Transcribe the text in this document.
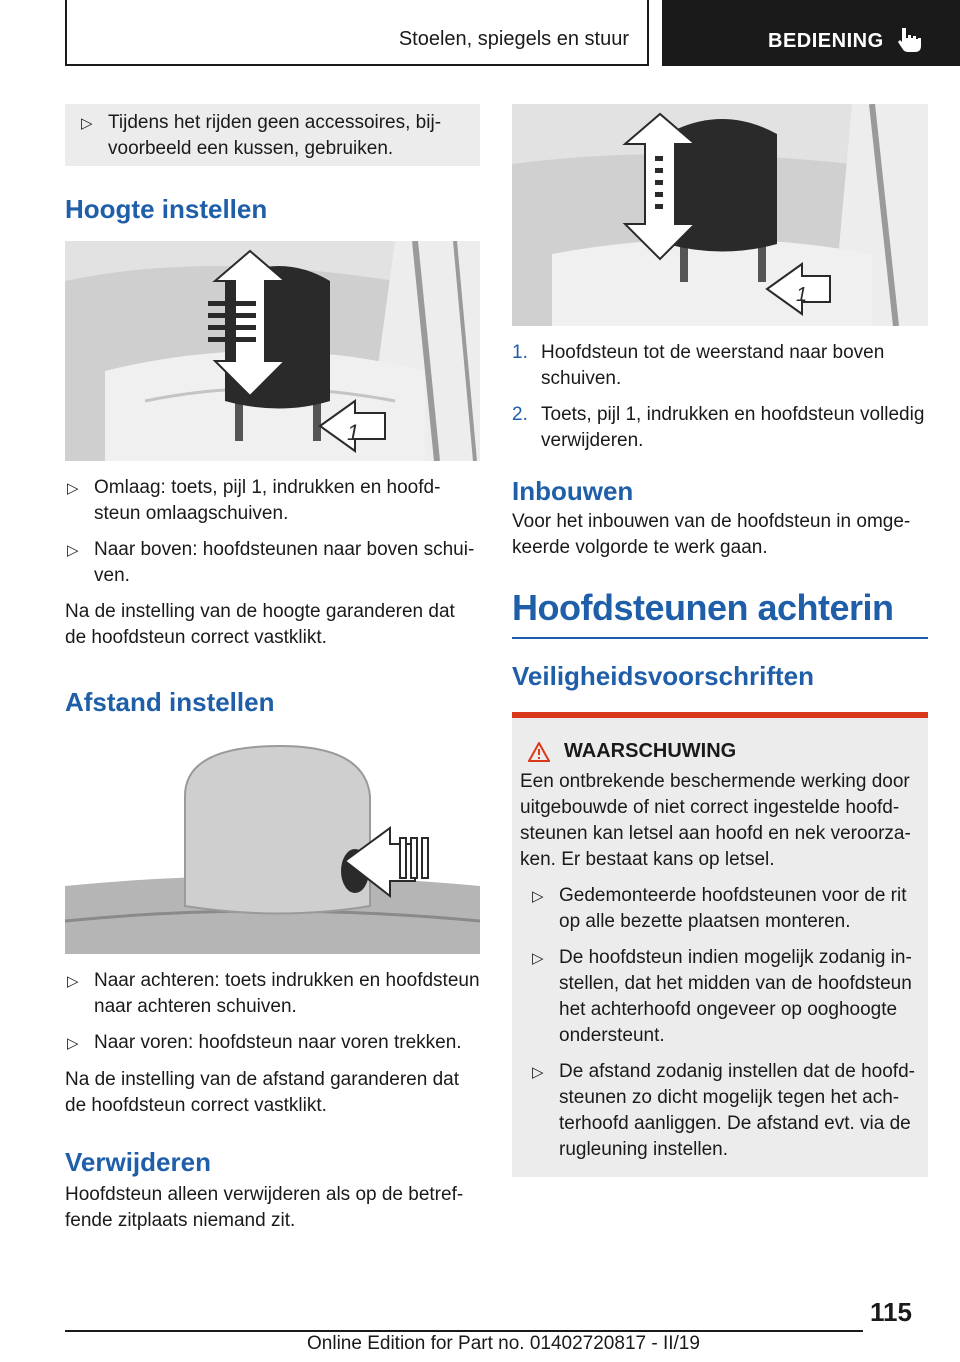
Stoelen, spiegels en stuur	BEDIENING
▷ Tijdens het rijden geen accessoires, bijvoorbeeld een kussen, gebruiken.
Hoogte instellen
1
▷ Omlaag: toets, pijl 1, indrukken en hoofdsteun omlaagschuiven.
▷ Naar boven: hoofdsteunen naar boven schuiven.
Na de instelling van de hoogte garanderen dat de hoofdsteun correct vastklikt.
Afstand instellen
▷ Naar achteren: toets indrukken en hoofdsteun naar achteren schuiven.
▷ Naar voren: hoofdsteun naar voren trekken.
Na de instelling van de afstand garanderen dat de hoofdsteun correct vastklikt.
Verwijderen
Hoofdsteun alleen verwijderen als op de betreffende zitplaats niemand zit.
1
1. Hoofdsteun tot de weerstand naar boven schuiven.
2. Toets, pijl 1, indrukken en hoofdsteun volledig verwijderen.
Inbouwen
Voor het inbouwen van de hoofdsteun in omgekeerde volgorde te werk gaan.
Hoofdsteunen achterin
Veiligheidsvoorschriften
WAARSCHUWING
Een ontbrekende beschermende werking door uitgebouwde of niet correct ingestelde hoofdsteunen kan letsel aan hoofd en nek veroorzaken. Er bestaat kans op letsel.
▷ Gedemonteerde hoofdsteunen voor de rit op alle bezette plaatsen monteren.
▷ De hoofdsteun indien mogelijk zodanig instellen, dat het midden van de hoofdsteun het achterhoofd ongeveer op ooghoogte ondersteunt.
▷ De afstand zodanig instellen dat de hoofdsteunen zo dicht mogelijk tegen het achterhoofd aanliggen. De afstand evt. via de rugleuning instellen.
115
Online Edition for Part no. 01402720817 - II/19
